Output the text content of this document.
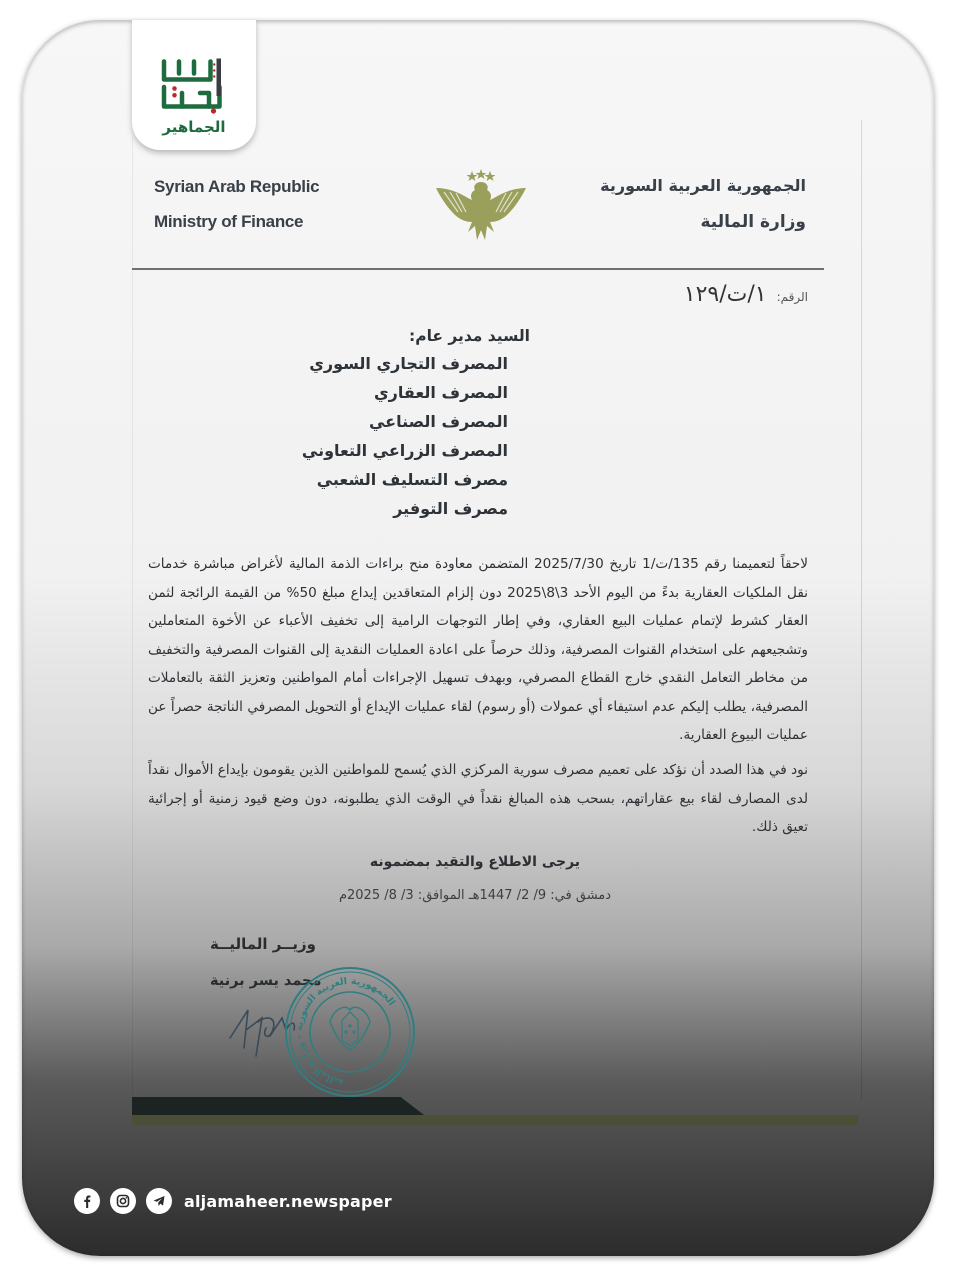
الجماهير
Syrian Arab Republic
Ministry of Finance
الجمهورية العربية السورية
وزارة المالية
الرقم:
١/ت/١٢٩
السيد مدير عام:
المصرف التجاري السوري
المصرف العقاري
المصرف الصناعي
المصرف الزراعي التعاوني
مصرف التسليف الشعبي
مصرف التوفير

لاحقاً لتعميمنا رقم 135/ت/1 تاريخ 2025/7/30 المتضمن معاودة منح براءات الذمة المالية لأغراض مباشرة خدمات نقل الملكيات العقارية بدءً من اليوم الأحد 3\8\2025 دون إلزام المتعاقدين إيداع مبلغ 50% من القيمة الرائجة لثمن العقار كشرط لإتمام عمليات البيع العقاري، وفي إطار التوجهات الرامية إلى تخفيف الأعباء عن الأخوة المتعاملين وتشجيعهم على استخدام القنوات المصرفية، وذلك حرصاً على اعادة العمليات النقدية إلى القنوات المصرفية والتخفيف من مخاطر التعامل النقدي خارج القطاع المصرفي، وبهدف تسهيل الإجراءات أمام المواطنين وتعزيز الثقة بالتعاملات المصرفية، يطلب إليكم عدم استيفاء أي عمولات (أو رسوم) لقاء عمليات الإيداع أو التحويل المصرفي الناتجة حصراً عن عمليات البيوع العقارية.

نود في هذا الصدد أن نؤكد على تعميم مصرف سورية المركزي الذي يُسمح للمواطنين الذين يقومون بإيداع الأموال نقداً لدى المصارف لقاء بيع عقاراتهم، بسحب هذه المبالغ نقداً في الوقت الذي يطلبونه، دون وضع قيود زمنية أو إجرائية تعيق ذلك.

يرجى الاطلاع والتقيد بمضمونه
دمشق في: 9/ 2/ 1447هـ الموافق: 3/ 8/ 2025م
وزيــر الماليــة
محمد يسر برنية
الجمهورية العربية السورية - وزارة المالية
aljamaheer.newspaper
